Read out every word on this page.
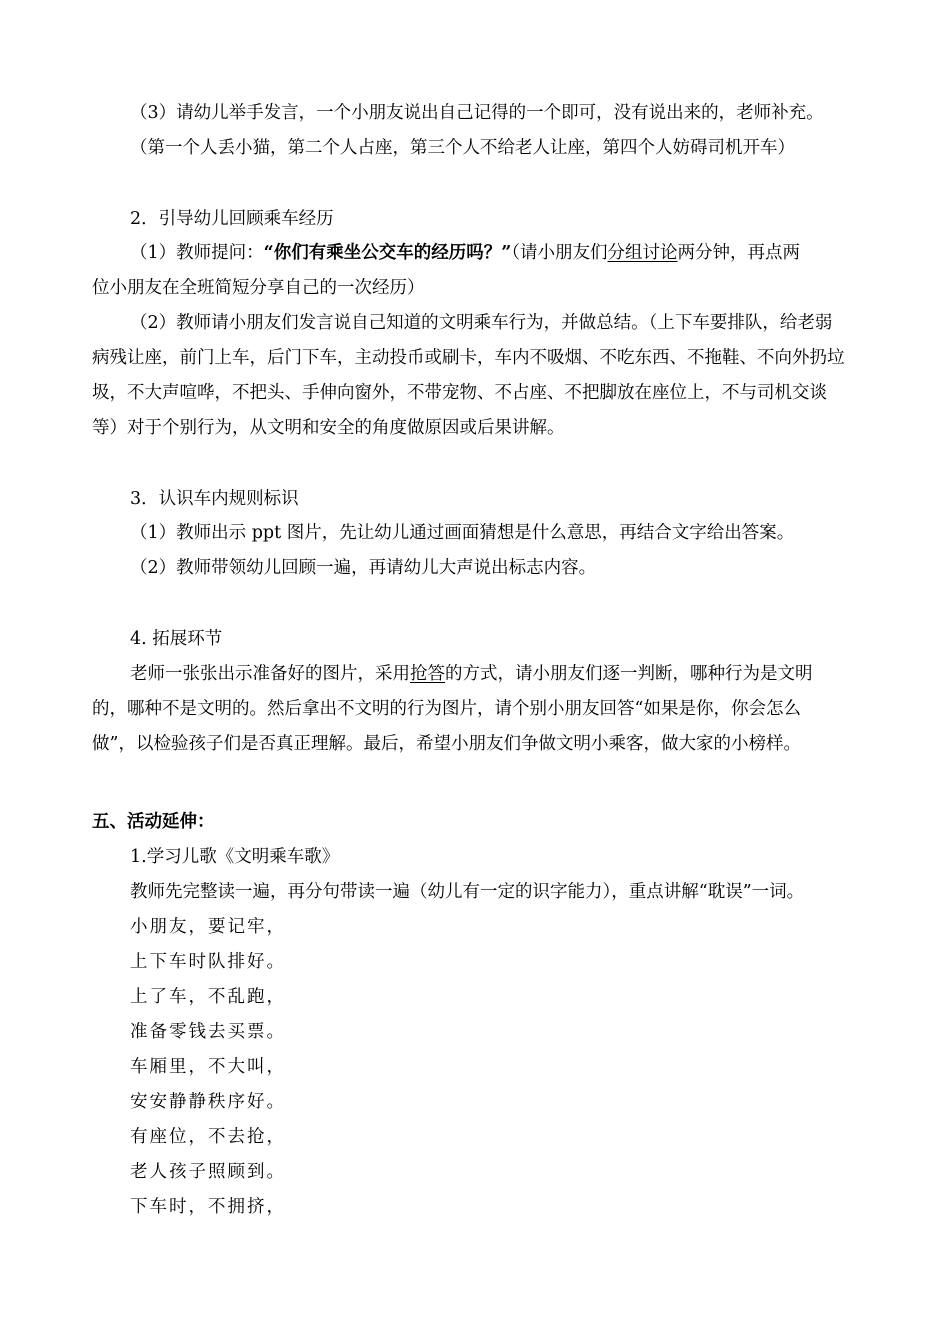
（3）请幼儿举手发言，一个小朋友说出自己记得的一个即可，没有说出来的，老师补充。
（第一个人丢小猫，第二个人占座，第三个人不给老人让座，第四个人妨碍司机开车）
2．引导幼儿回顾乘车经历
（1）教师提问：“你们有乘坐公交车的经历吗？”（请小朋友们分组讨论两分钟，再点两
位小朋友在全班简短分享自己的一次经历）
（2）教师请小朋友们发言说自己知道的文明乘车行为，并做总结。（上下车要排队，给老弱
病残让座，前门上车，后门下车，主动投币或刷卡，车内不吸烟、不吃东西、不拖鞋、不向外扔垃
圾，不大声喧哗，不把头、手伸向窗外，不带宠物、不占座、不把脚放在座位上，不与司机交谈
等）对于个别行为，从文明和安全的角度做原因或后果讲解。
3．认识车内规则标识
（1）教师出示 ppt 图片，先让幼儿通过画面猜想是什么意思，再结合文字给出答案。
（2）教师带领幼儿回顾一遍，再请幼儿大声说出标志内容。
4. 拓展环节
老师一张张出示准备好的图片，采用抢答的方式，请小朋友们逐一判断，哪种行为是文明
的，哪种不是文明的。然后拿出不文明的行为图片，请个别小朋友回答“如果是你，你会怎么
做”，以检验孩子们是否真正理解。最后，希望小朋友们争做文明小乘客，做大家的小榜样。
五、活动延伸：
1.学习儿歌《文明乘车歌》
教师先完整读一遍，再分句带读一遍（幼儿有一定的识字能力），重点讲解“耽误”一词。
小朋友，要记牢，
上下车时队排好。
上了车，不乱跑，
准备零钱去买票。
车厢里，不大叫，
安安静静秩序好。
有座位，不去抢，
老人孩子照顾到。
下车时，不拥挤，
